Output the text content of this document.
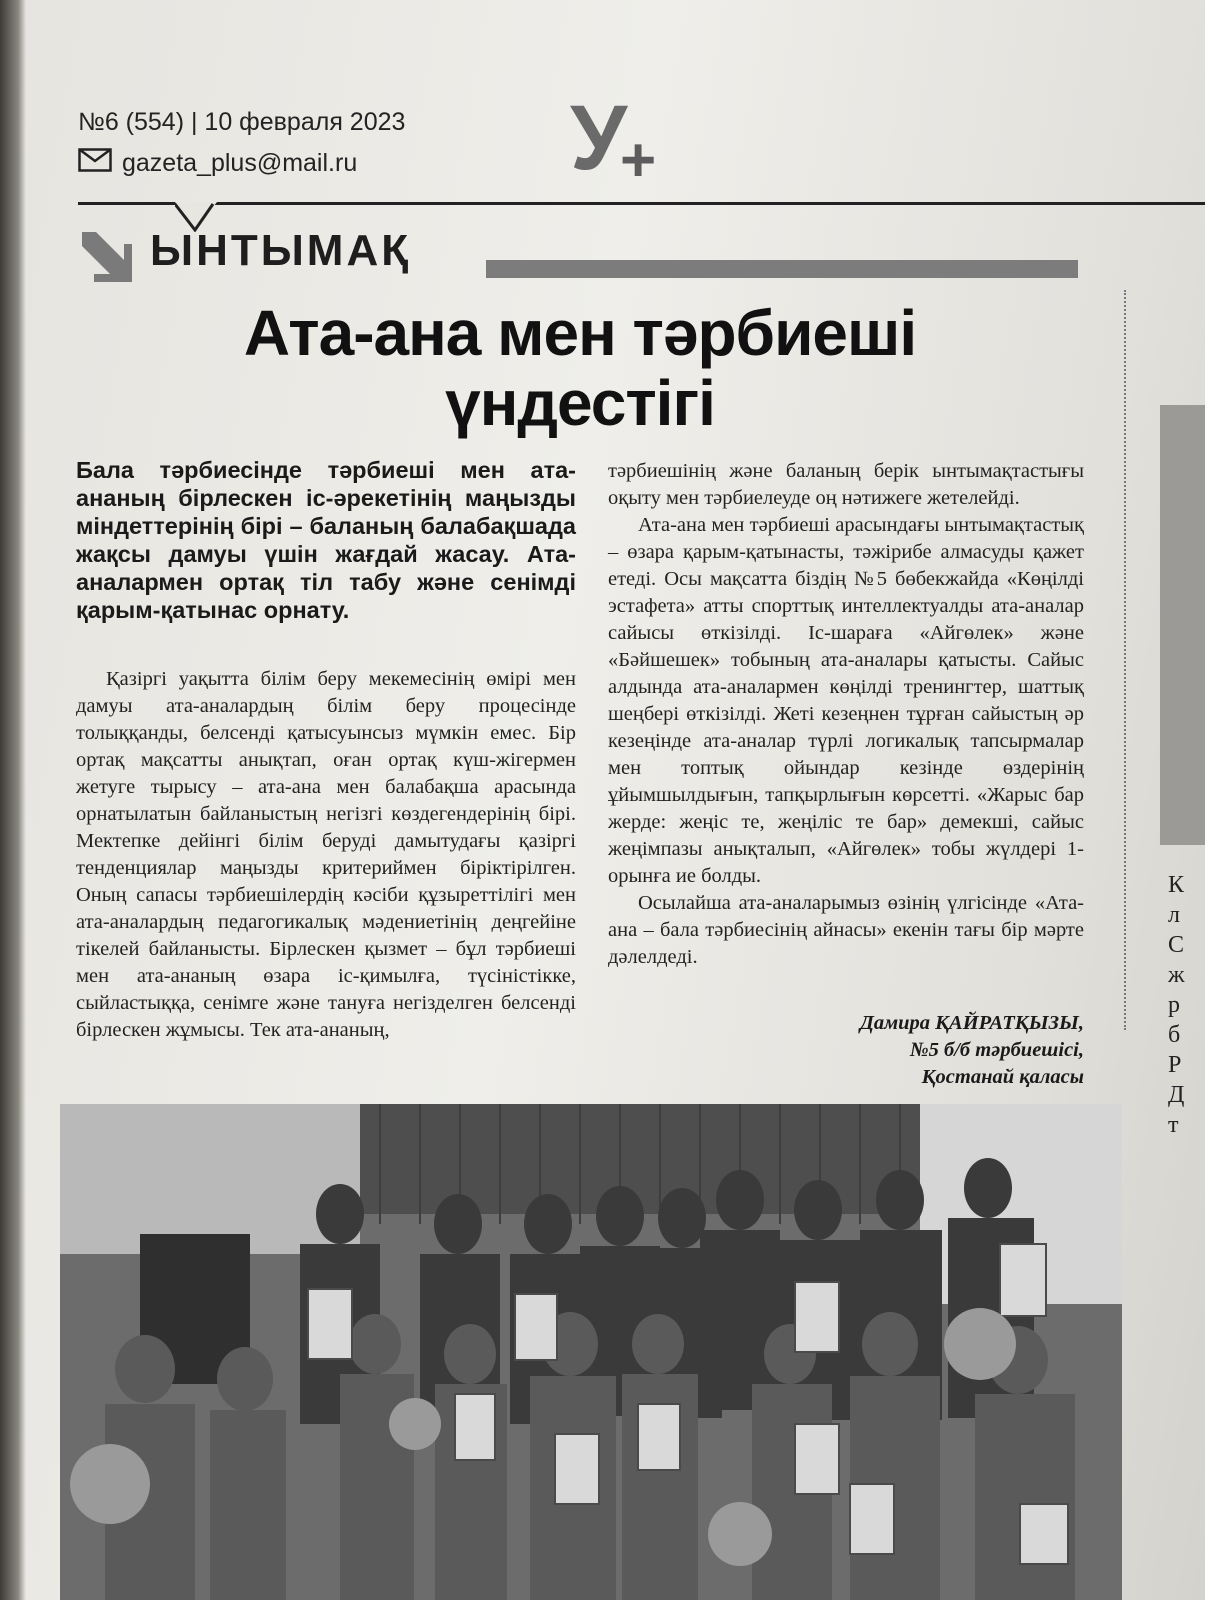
№6 (554) | 10 февраля 2023
gazeta_plus@mail.ru У
+
ЫНТЫМАҚ
Ата-ана мен тәрбиеші
үндестігі
Бала тәрбиесінде тәрбиеші мен ата-ананың бірлескен іс-әрекетінің маңызды міндеттерінің бірі – баланың балабақшада жақсы дамуы үшін жағдай жасау. Ата-аналармен ортақ тіл табу және сенімді қарым-қатынас орнату.

Қазіргі уақытта білім беру мекемесінің өмірі мен дамуы ата-аналардың білім беру процесінде толыққанды, белсенді қатысуынсыз мүмкін емес. Бір ортақ мақсатты анықтап, оған ортақ күш-жігермен жетуге тырысу – ата-ана мен балабақша арасында орнатылатын байланыстың негізгі көздегендерінің бірі. Мектепке дейінгі білім беруді дамытудағы қазіргі тенденциялар маңызды критериймен біріктірілген. Оның сапасы тәрбиешілердің кәсіби құзыреттілігі мен ата-аналардың педагогикалық мәдениетінің деңгейіне тікелей байланысты. Бірлескен қызмет – бұл тәрбиеші мен ата-ананың өзара іс-қимылға, түсіністікке, сыйластыққа, сенімге және тануға негізделген белсенді бірлескен жұмысы. Тек ата-ананың,

тәрбиешінің және баланың берік ынтымақтастығы оқыту мен тәрбиелеуде оң нәтижеге жетелейді.

Ата-ана мен тәрбиеші арасындағы ынтымақтастық – өзара қарым-қатынасты, тәжірибе алмасуды қажет етеді. Осы мақсатта біздің №5 бөбекжайда «Көңілді эстафета» атты спорттық интеллектуалды ата-аналар сайысы өткізілді. Іс-шараға «Айгөлек» және «Бәйшешек» тобының ата-аналары қатысты. Сайыс алдында ата-аналармен көңілді тренингтер, шаттық шеңбері өткізілді. Жеті кезеңнен тұрған сайыстың әр кезеңінде ата-аналар түрлі логикалық тапсырмалар мен топтық ойындар кезінде өздерінің ұйымшылдығын, тапқырлығын көрсетті. «Жарыс бар жерде: жеңіс те, жеңіліс те бар» демекші, сайыс жеңімпазы анықталып, «Айгөлек» тобы жүлдері 1-орынға ие болды.

Осылайша ата-аналарымыз өзінің үлгісінде «Ата-ана – бала тәрбиесінің айнасы» екенін тағы бір мәрте дәлелдеді.

Дамира ҚАЙРАТҚЫЗЫ,
№5 б/б тәрбиешісі,
Қостанай қаласы
К
л
С
ж
р
б
Р
Д
т
